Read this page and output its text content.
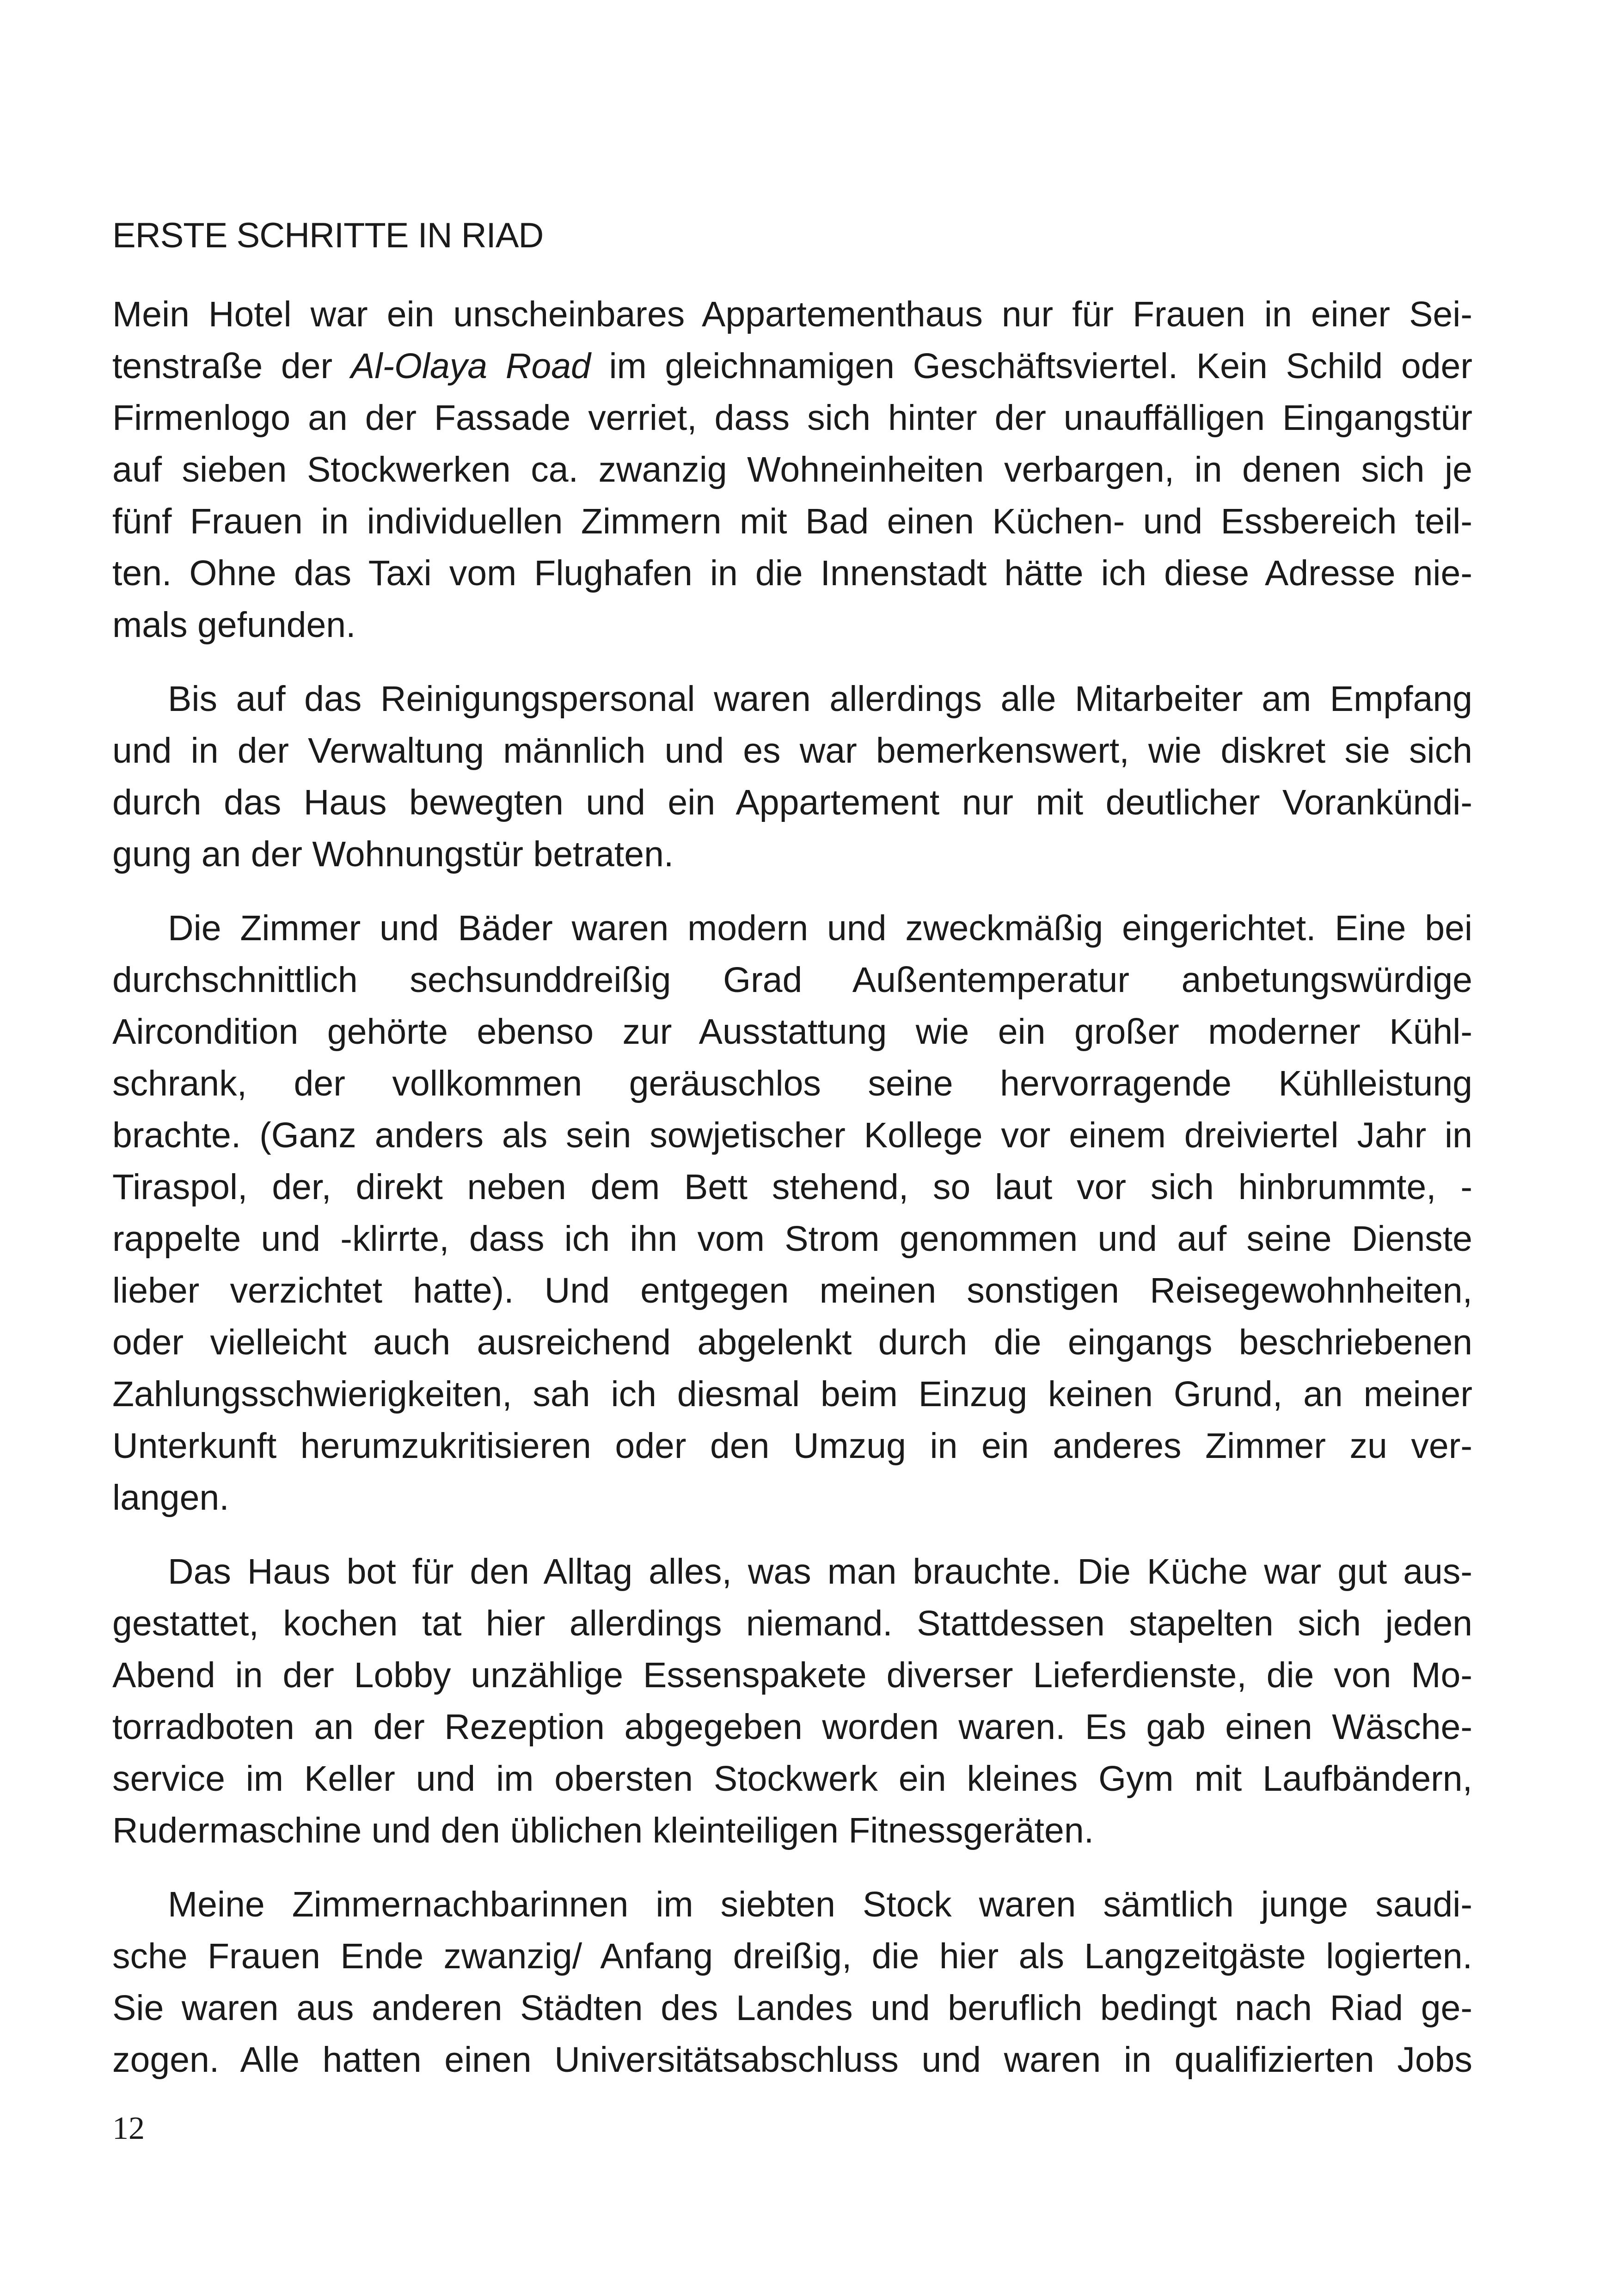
ERSTE SCHRITTE IN RIAD

Mein Hotel war ein unscheinbares Appartementhaus nur für Frauen in einer Sei-

tenstraße der Al-Olaya Road im gleichnamigen Geschäftsviertel. Kein Schild oder

Firmenlogo an der Fassade verriet, dass sich hinter der unauffälligen Eingangstür

auf sieben Stockwerken ca. zwanzig Wohneinheiten verbargen, in denen sich je

fünf Frauen in individuellen Zimmern mit Bad einen Küchen- und Essbereich teil-

ten. Ohne das Taxi vom Flughafen in die Innenstadt hätte ich diese Adresse nie-

mals gefunden.

Bis auf das Reinigungspersonal waren allerdings alle Mitarbeiter am Empfang

und in der Verwaltung männlich und es war bemerkenswert, wie diskret sie sich

durch das Haus bewegten und ein Appartement nur mit deutlicher Vorankündi-

gung an der Wohnungstür betraten.

Die Zimmer und Bäder waren modern und zweckmäßig eingerichtet. Eine bei

durchschnittlich sechsunddreißig Grad Außentemperatur anbetungswürdige

Aircondition gehörte ebenso zur Ausstattung wie ein großer moderner Kühl-

schrank, der vollkommen geräuschlos seine hervorragende Kühlleistung

brachte. (Ganz anders als sein sowjetischer Kollege vor einem dreiviertel Jahr in

Tiraspol, der, direkt neben dem Bett stehend, so laut vor sich hinbrummte, -

rappelte und -klirrte, dass ich ihn vom Strom genommen und auf seine Dienste

lieber verzichtet hatte). Und entgegen meinen sonstigen Reisegewohnheiten,

oder vielleicht auch ausreichend abgelenkt durch die eingangs beschriebenen

Zahlungsschwierigkeiten, sah ich diesmal beim Einzug keinen Grund, an meiner

Unterkunft herumzukritisieren oder den Umzug in ein anderes Zimmer zu ver-

langen.

Das Haus bot für den Alltag alles, was man brauchte. Die Küche war gut aus-

gestattet, kochen tat hier allerdings niemand. Stattdessen stapelten sich jeden

Abend in der Lobby unzählige Essenspakete diverser Lieferdienste, die von Mo-

torradboten an der Rezeption abgegeben worden waren. Es gab einen Wäsche-

service im Keller und im obersten Stockwerk ein kleines Gym mit Laufbändern,

Rudermaschine und den üblichen kleinteiligen Fitnessgeräten.

Meine Zimmernachbarinnen im siebten Stock waren sämtlich junge saudi-

sche Frauen Ende zwanzig/ Anfang dreißig, die hier als Langzeitgäste logierten.

Sie waren aus anderen Städten des Landes und beruflich bedingt nach Riad ge-

zogen. Alle hatten einen Universitätsabschluss und waren in qualifizierten Jobs

12
